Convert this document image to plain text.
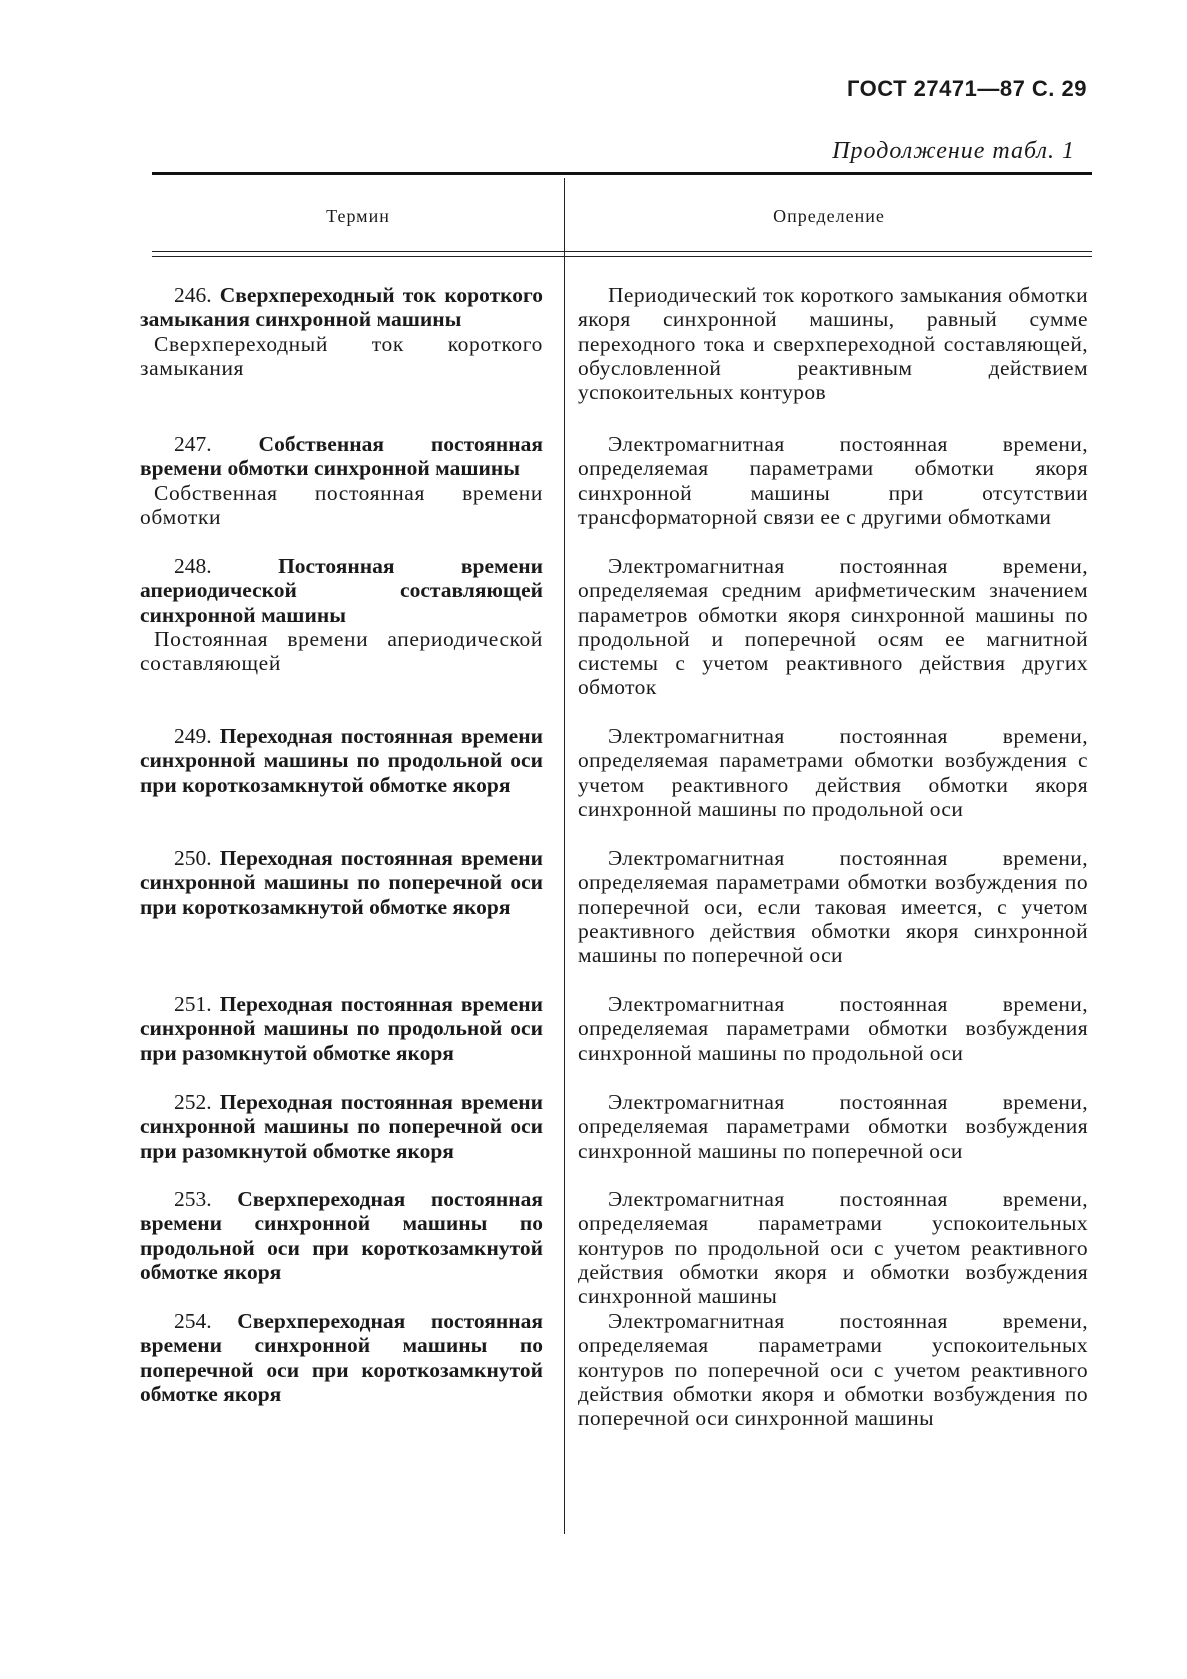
ГОСТ 27471—87 С. 29
Продолжение табл. 1
Термин	Определение
246. Сверхпереходный ток короткого замыкания синхронной машины
Сверхпереходный ток короткого замыкания
Периодический ток короткого замыкания обмотки якоря синхронной машины, равный сумме переходного тока и сверхпереходной составляющей, обусловленной реактивным действием успокоительных контуров
247. Собственная постоянная времени обмотки синхронной машины
Собственная постоянная времени обмотки
Электромагнитная постоянная времени, определяемая параметрами обмотки якоря синхронной машины при отсутствии трансформаторной связи ее с другими обмотками
248.	Постоянная времени апериодической составляющей синхронной машины
Постоянная времени апериодической составляющей
Электромагнитная постоянная времени, определяемая средним арифметическим значением параметров обмотки якоря синхронной машины по продольной и поперечной осям ее магнитной системы с учетом реактивного действия других обмоток
249. Переходная постоянная времени синхронной машины по продольной оси при короткозамкнутой обмотке якоря
Электромагнитная постоянная времени, определяемая параметрами обмотки возбуждения с учетом реактивного действия обмотки якоря синхронной машины по продольной оси
250. Переходная постоянная времени синхронной машины по поперечной оси при короткозамкнутой обмотке якоря
Электромагнитная постоянная времени, определяемая параметрами обмотки возбуждения по поперечной оси, если таковая имеется, с учетом реактивного действия обмотки якоря синхронной машины по поперечной оси
251. Переходная постоянная времени синхронной машины по продольной оси при разомкнутой обмотке якоря
Электромагнитная постоянная времени, определяемая параметрами обмотки возбуждения синхронной машины по продольной оси
252. Переходная постоянная времени синхронной машины по поперечной оси при разомкнутой обмотке якоря
Электромагнитная постоянная времени, определяемая параметрами обмотки возбуждения синхронной машины по поперечной оси
253. Сверхпереходная постоянная времени синхронной машины по продольной оси при короткозамкнутой обмотке якоря
Электромагнитная постоянная времени, определяемая параметрами успокоительных контуров по продольной оси с учетом реактивного действия обмотки якоря и обмотки возбуждения синхронной машины
254. Сверхпереходная постоянная времени синхронной машины по поперечной оси при короткозамкнутой обмотке якоря
Электромагнитная постоянная времени, определяемая параметрами успокоительных контуров по поперечной оси с учетом реактивного действия обмотки якоря и обмотки возбуждения по поперечной оси синхронной машины
